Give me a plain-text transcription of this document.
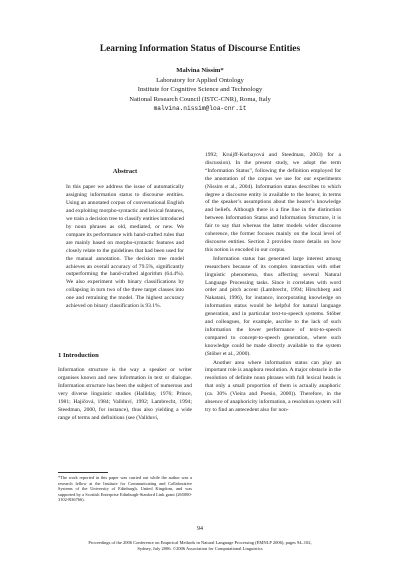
Learning Information Status of Discourse Entities
Malvina Nissim*
Laboratory for Applied Ontology
Institute for Cognitive Science and Technology
National Research Council (ISTC-CNR), Roma, Italy
malvina.nissim@loa-cnr.it
Abstract
In this paper we address the issue of automatically assigning information status to discourse entities. Using an annotated corpus of conversational English and exploiting morpho-syntactic and lexical features, we train a decision tree to classify entities introduced by noun phrases as old, mediated, or new. We compare its performance with hand-crafted rules that are mainly based on morpho-syntactic features and closely relate to the guidelines that had been used for the manual annotation. The decision tree model achieves an overall accuracy of 79.5%, significantly outperforming the hand-crafted algorithm (64.4%). We also experiment with binary classifications by collapsing in turn two of the three target classes into one and retraining the model. The highest accuracy achieved on binary classification is 93.1%.
1 Introduction
Information structure is the way a speaker or writer organises known and new information in text or dialogue. Information structure has been the subject of numerous and very diverse linguistic studies (Halliday, 1976; Prince, 1981; Hajičová, 1984; Vallduví, 1992; Lambrecht, 1994; Steedman, 2000, for instance), thus also yielding a wide range of terms and definitions (see (Vallduví,
*The work reported in this paper was carried out while the author was a research fellow at the Institute for Communicating and Collaborative Systems of the University of Edinburgh, United Kingdom, and was supported by a Scottish Enterprise Edinburgh-Stanford Link grant (265000-3102-R36766).

1992; Kruijff-Korbayová and Steedman, 2003) for a discussion). In the present study, we adopt the term “Information Status”, following the definition employed for the annotation of the corpus we use for our experiments (Nissim et al., 2004). Information status describes to which degree a discourse entity is available to the hearer, in terms of the speaker’s assumptions about the hearer’s knowledge and beliefs. Although there is a fine line in the distinction between Information Status and Information Structure, it is fair to say that whereas the latter models wider discourse coherence, the former focuses mainly on the local level of discourse entities. Section 2 provides more details on how this notion is encoded in our corpus.

Information status has generated large interest among researchers because of its complex interaction with other linguistic phenomena, thus affecting several Natural Language Processing tasks. Since it correlates with word order and pitch accent (Lambrecht, 1994; Hirschberg and Nakatani, 1996), for instance, incorporating knowledge on information status would be helpful for natural language generation, and in particular text-to-speech systems. Stöber and colleagues, for example, ascribe to the lack of such information the lower performance of text-to-speech compared to concept-to-speech generation, where such knowledge could be made directly available to the system (Stöber et al., 2000).

Another area where information status can play an important role is anaphora resolution. A major obstacle in the resolution of definite noun phrases with full lexical heads is that only a small proportion of them is actually anaphoric (ca. 30% (Vieira and Poesio, 2000)). Therefore, in the absence of anaphoricity information, a resolution system will try to find an antecedent also for non-

94
Proceedings of the 2006 Conference on Empirical Methods in Natural Language Processing (EMNLP 2006), pages 94–102,
Sydney, July 2006. ©2006 Association for Computational Linguistics
